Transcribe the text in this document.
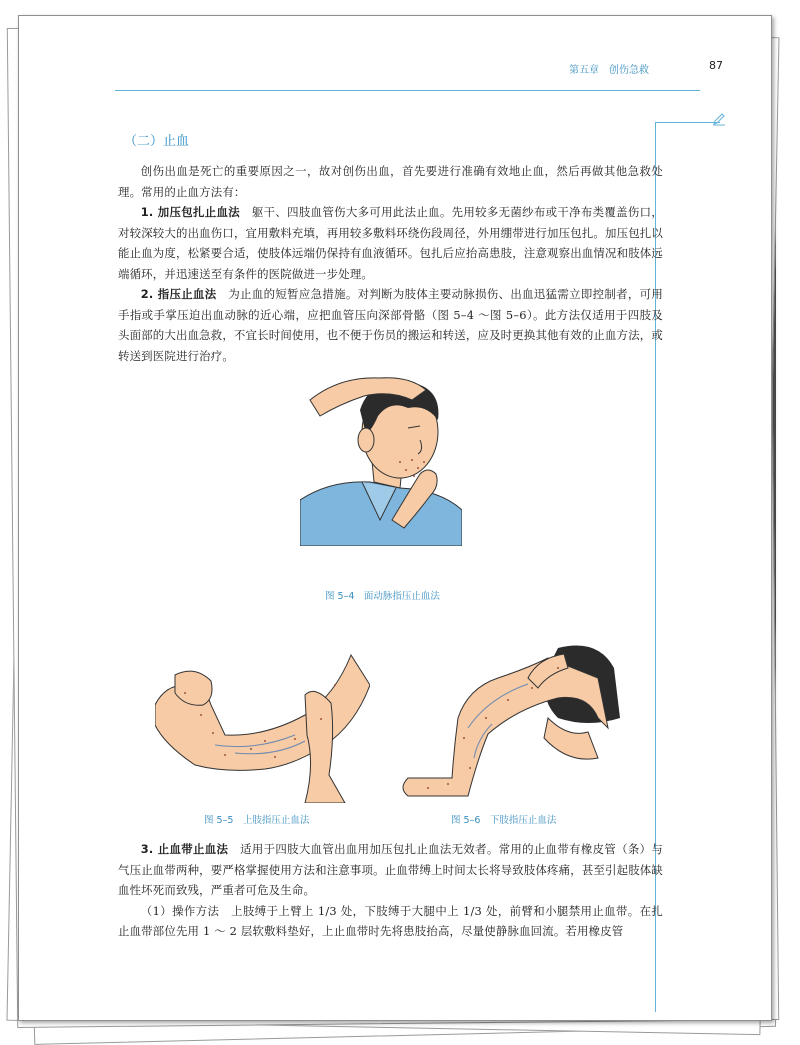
第五章　创伤急救	87
（二）止血

创伤出血是死亡的重要原因之一，故对创伤出血，首先要进行准确有效地止血，然后再做其他急救处理。常用的止血方法有：

1. 加压包扎止血法　 躯干、四肢血管伤大多可用此法止血。先用较多无菌纱布或干净布类覆盖伤口，对较深较大的出血伤口，宜用敷料充填，再用较多敷料环绕伤段周径，外用绷带进行加压包扎。加压包扎以能止血为度，松紧要合适，使肢体远端仍保持有血液循环。包扎后应抬高患肢，注意观察出血情况和肢体远端循环，并迅速送至有条件的医院做进一步处理。

2. 指压止血法　 为止血的短暂应急措施。对判断为肢体主要动脉损伤、出血迅猛需立即控制者，可用手指或手掌压迫出血动脉的近心端，应把血管压向深部骨骼（图 5–4 ～图 5–6）。此方法仅适用于四肢及头面部的大出血急救，不宜长时间使用，也不便于伤员的搬运和转送，应及时更换其他有效的止血方法，或转送到医院进行治疗。

图 5–4　面动脉指压止血法
图 5–5　上肢指压止血法	图 5–6　下肢指压止血法

3. 止血带止血法　 适用于四肢大血管出血用加压包扎止血法无效者。常用的止血带有橡皮管（条）与气压止血带两种，要严格掌握使用方法和注意事项。止血带缚上时间太长将导致肢体疼痛，甚至引起肢体缺血性坏死而致残，严重者可危及生命。

（1）操作方法　上肢缚于上臂上 1/3 处，下肢缚于大腿中上 1/3 处，前臂和小腿禁用止血带。在扎止血带部位先用 1 ～ 2 层软敷料垫好，上止血带时先将患肢抬高，尽量使静脉血回流。若用橡皮管
